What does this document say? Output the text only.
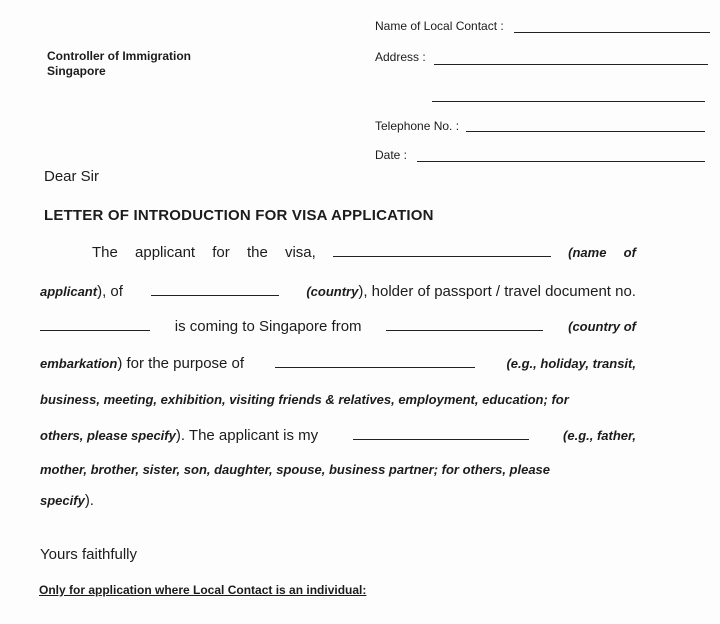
Controller of Immigration
Singapore
Name of Local Contact :
Address :
Telephone No. :
Date :
Dear Sir
LETTER OF INTRODUCTION FOR VISA APPLICATION
The applicant for the visa,	(name of
applicant), of	(country), holder of passport / travel document no.
is coming to Singapore from	(country of
embarkation) for the purpose of	(e.g., holiday, transit,
business, meeting, exhibition, visiting friends & relatives, employment, education; for
others, please specify). The applicant is my	(e.g., father,
mother, brother, sister, son, daughter, spouse, business partner; for others, please
specify).
Yours faithfully
Only for application where Local Contact is an individual:
